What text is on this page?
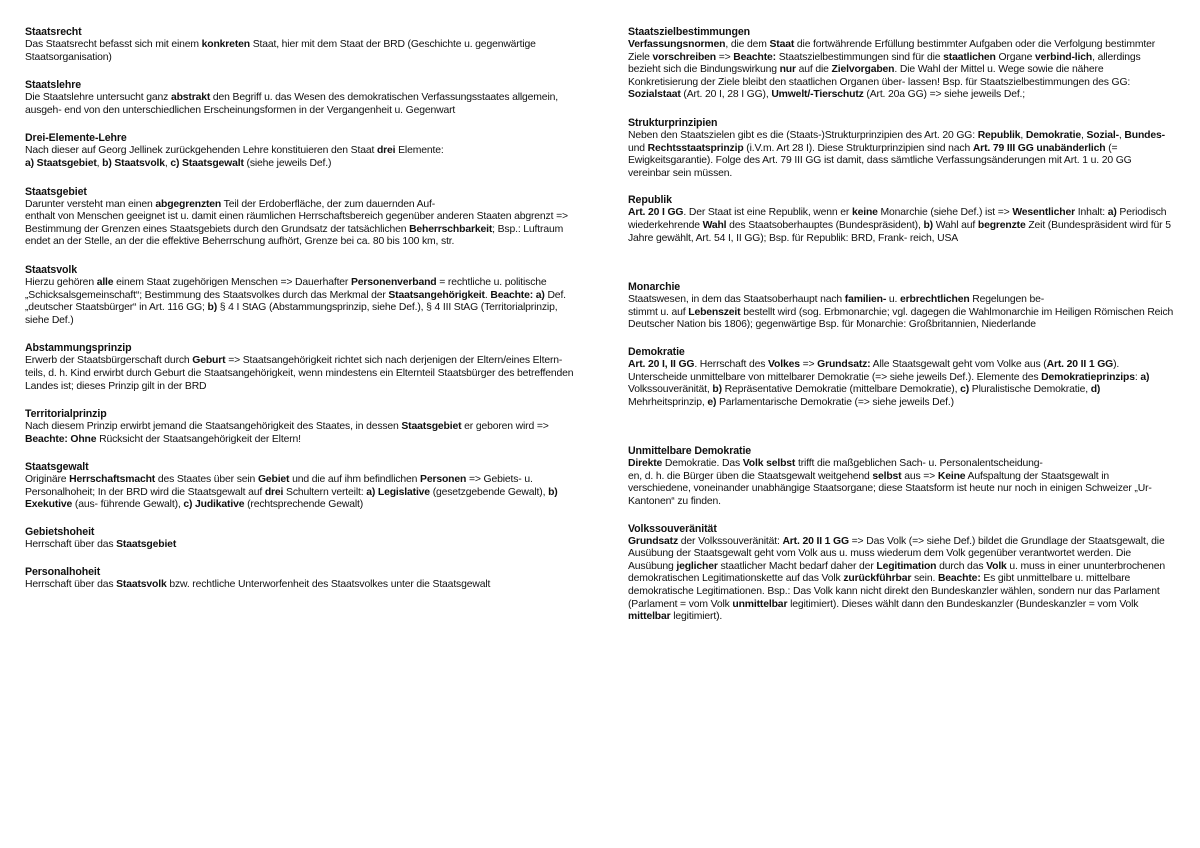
Staatsrecht

Das Staatsrecht befasst sich mit einem konkreten Staat, hier mit dem Staat der BRD (Geschichte u. gegenwärtige Staatsorganisation)

Staatslehre

Die Staatslehre untersucht ganz abstrakt den Begriff u. das Wesen des demokratischen Verfassungsstaates allgemein, ausgeh- end von den unterschiedlichen Erscheinungsformen in der Vergangenheit u. Gegenwart

Drei-Elemente-Lehre

Nach dieser auf Georg Jellinek zurückgehenden Lehre konstituieren den Staat drei Elemente:
a) Staatsgebiet, b) Staatsvolk, c) Staatsgewalt (siehe jeweils Def.)

Staatsgebiet

Darunter versteht man einen abgegrenzten Teil der Erdoberfläche, der zum dauernden Auf-
enthalt von Menschen geeignet ist u. damit einen räumlichen Herrschaftsbereich gegenüber anderen Staaten abgrenzt => Bestimmung der Grenzen eines Staatsgebiets durch den Grundsatz der tatsächlichen Beherrschbarkeit; Bsp.: Luftraum endet an der Stelle, an der die effektive Beherrschung aufhört, Grenze bei ca. 80 bis 100 km, str.

Staatsvolk

Hierzu gehören alle einem Staat zugehörigen Menschen => Dauerhafter Personenverband = rechtliche u. politische „Schicksalsgemeinschaft“; Bestimmung des Staatsvolkes durch das Merkmal der Staatsangehörigkeit. Beachte: a) Def. „deutscher Staatsbürger“ in Art. 116 GG; b) § 4 I StAG (Abstammungsprinzip, siehe Def.), § 4 III StAG (Territorialprinzip, siehe Def.)

Abstammungsprinzip

Erwerb der Staatsbürgerschaft durch Geburt => Staatsangehörigkeit richtet sich nach derjenigen der Eltern/eines Eltern- teils, d. h. Kind erwirbt durch Geburt die Staatsangehörigkeit, wenn mindestens ein Elternteil Staatsbürger des betreffenden Landes ist; dieses Prinzip gilt in der BRD

Territorialprinzip

Nach diesem Prinzip erwirbt jemand die Staatsangehörigkeit des Staates, in dessen Staatsgebiet er geboren wird => Beachte: Ohne Rücksicht der Staatsangehörigkeit der Eltern!

Staatsgewalt

Originäre Herrschaftsmacht des Staates über sein Gebiet und die auf ihm befindlichen Personen => Gebiets- u. Personalhoheit; In der BRD wird die Staatsgewalt auf drei Schultern verteilt: a) Legislative (gesetzgebende Gewalt), b) Exekutive (aus- führende Gewalt), c) Judikative (rechtsprechende Gewalt)

Gebietshoheit

Herrschaft über das Staatsgebiet

Personalhoheit

Herrschaft über das Staatsvolk bzw. rechtliche Unterworfenheit des Staatsvolkes unter die Staatsgewalt

Staatszielbestimmungen

Verfassungsnormen, die dem Staat die fortwährende Erfüllung bestimmter Aufgaben oder die Verfolgung bestimmter Ziele vorschreiben => Beachte: Staatszielbestimmungen sind für die staatlichen Organe verbind-lich, allerdings bezieht sich die Bindungswirkung nur auf die Zielvorgaben. Die Wahl der Mittel u. Wege sowie die nähere Konkretisierung der Ziele bleibt den staatlichen Organen über- lassen! Bsp. für Staatszielbestimmungen des GG: Sozialstaat (Art. 20 I, 28 I GG), Umwelt/-Tierschutz (Art. 20a GG) => siehe jeweils Def.;

Strukturprinzipien

Neben den Staatszielen gibt es die (Staats-)Strukturprinzipien des Art. 20 GG: Republik, Demokratie, Sozial-, Bundes- und Rechtsstaatsprinzip (i.V.m. Art 28 I). Diese Strukturprinzipien sind nach Art. 79 III GG unabänderlich (= Ewigkeitsgarantie). Folge des Art. 79 III GG ist damit, dass sämtliche Verfassungsänderungen mit Art. 1 u. 20 GG vereinbar sein müssen.

Republik

Art. 20 I GG. Der Staat ist eine Republik, wenn er keine Monarchie (siehe Def.) ist => Wesentlicher Inhalt: a) Periodisch wiederkehrende Wahl des Staatsoberhauptes (Bundespräsident), b) Wahl auf begrenzte Zeit (Bundespräsident wird für 5 Jahre gewählt, Art. 54 I, II GG); Bsp. für Republik: BRD, Frank- reich, USA

Monarchie

Staatswesen, in dem das Staatsoberhaupt nach familien- u. erbrechtlichen Regelungen be-
stimmt u. auf Lebenszeit bestellt wird (sog. Erbmonarchie; vgl. dagegen die Wahlmonarchie im Heiligen Römischen Reich Deutscher Nation bis 1806); gegenwärtige Bsp. für Monarchie: Großbritannien, Niederlande

Demokratie

Art. 20 I, II GG. Herrschaft des Volkes => Grundsatz: Alle Staatsgewalt geht vom Volke aus (Art. 20 II 1 GG). Unterscheide unmittelbare von mittelbarer Demokratie (=> siehe jeweils Def.). Elemente des Demokratieprinzips: a) Volkssouveränität, b) Repräsentative Demokratie (mittelbare Demokratie), c) Pluralistische Demokratie, d) Mehrheitsprinzip, e) Parlamentarische Demokratie (=> siehe jeweils Def.)

Unmittelbare Demokratie

Direkte Demokratie. Das Volk selbst trifft die maßgeblichen Sach- u. Personalentscheidung-
en, d. h. die Bürger üben die Staatsgewalt weitgehend selbst aus => Keine Aufspaltung der Staatsgewalt in verschiedene, voneinander unabhängige Staatsorgane; diese Staatsform ist heute nur noch in einigen Schweizer „Ur-Kantonen“ zu finden.

Volkssouveränität

Grundsatz der Volkssouveränität: Art. 20 II 1 GG => Das Volk (=> siehe Def.) bildet die Grundlage der Staatsgewalt, die Ausübung der Staatsgewalt geht vom Volk aus u. muss wiederum dem Volk gegenüber verantwortet werden. Die Ausübung jeglicher staatlicher Macht bedarf daher der Legitimation durch das Volk u. muss in einer ununterbrochenen demokratischen Legitimationskette auf das Volk zurückführbar sein. Beachte: Es gibt unmittelbare u. mittelbare demokratische Legitimationen. Bsp.: Das Volk kann nicht direkt den Bundeskanzler wählen, sondern nur das Parlament (Parlament = vom Volk unmittelbar legitimiert). Dieses wählt dann den Bundeskanzler (Bundeskanzler = vom Volk mittelbar legitimiert).
